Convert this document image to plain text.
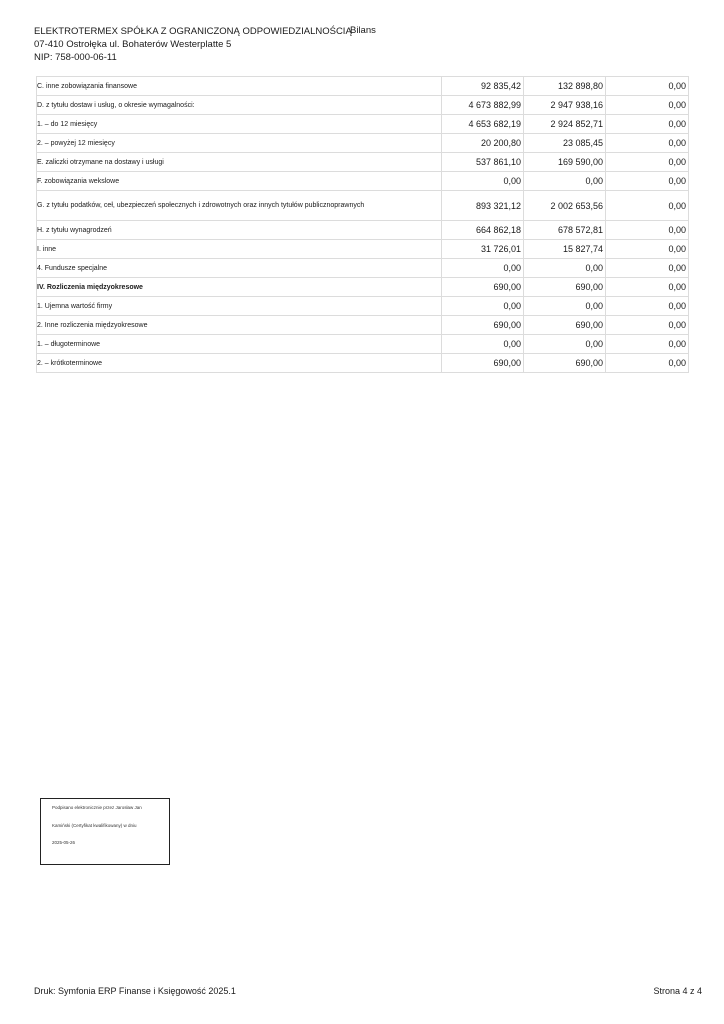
ELEKTROTERMEX SPÓŁKA Z OGRANICZONĄ ODPOWIEDZIALNOŚCIĄ
07-410 Ostrołęka ul. Bohaterów Westerplatte 5
NIP: 758-000-06-11
Bilans
C. inne zobowiązania finansowe	92 835,42	132 898,80	0,00
D. z tytułu dostaw i usług, o okresie wymagalności:	4 673 882,99	2 947 938,16	0,00
1. – do 12 miesięcy	4 653 682,19	2 924 852,71	0,00
2. – powyżej 12 miesięcy	20 200,80	23 085,45	0,00
E. zaliczki otrzymane na dostawy i usługi	537 861,10	169 590,00	0,00
F. zobowiązania wekslowe	0,00	0,00	0,00
G. z tytułu podatków, ceł, ubezpieczeń społecznych i zdrowotnych oraz innych tytułów publicznoprawnych	893 321,12	2 002 653,56	0,00
H. z tytułu wynagrodzeń	664 862,18	678 572,81	0,00
I. inne	31 726,01	15 827,74	0,00
4. Fundusze specjalne	0,00	0,00	0,00
IV. Rozliczenia międzyokresowe	690,00	690,00	0,00
1. Ujemna wartość firmy	0,00	0,00	0,00
2. Inne rozliczenia międzyokresowe	690,00	690,00	0,00
1. – długoterminowe	0,00	0,00	0,00
2. – krótkoterminowe	690,00	690,00	0,00
Podpisano elektronicznie przez Jarosław Jan
Kamiński (Certyfikat kwalifikowany) w dniu
2025-05-26
Druk: Symfonia ERP Finanse i Księgowość 2025.1	Strona 4 z 4
